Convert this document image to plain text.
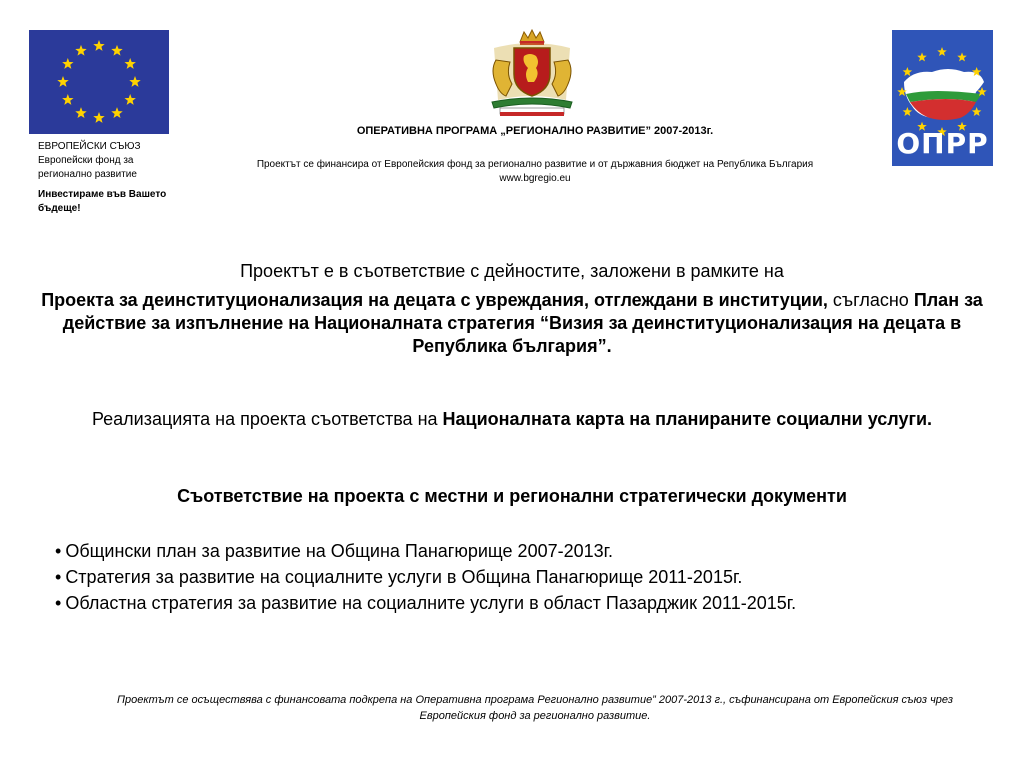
ОПРР
ЕВРОПЕЙСКИ СЪЮЗ
Европейски фонд за регионално развитие
Инвестираме във Вашето бъдеще!
ОПЕРАТИВНА ПРОГРАМА „РЕГИОНАЛНО РАЗВИТИЕ” 2007-2013г.
Проектът се финансира от Европейския фонд за регионално развитие и от държавния бюджет на Република България
www.bgregio.eu
Проектът е в съответствие с дейностите, заложени в рамките на
Проекта за деинституционализация на децата с увреждания, отглеждани в институции, съгласно План за действие за изпълнение на Националната стратегия “Визия за деинституционализация на децата в Република българия”.
Реализацията на проекта съответства на Националната карта на планираните социални услуги.
Съответствие на проекта с местни и регионални стратегически документи
• Общински план за развитие на Община Панагюрище 2007-2013г.
• Стратегия за развитие на социалните услуги в Община Панагюрище 2011-2015г.
• Областна стратегия за развитие на социалните услуги в област Пазарджик 2011-2015г.
Проектът се осъществява с финансовата подкрепа на Оперативна програма Регионално развитие” 2007-2013 г., съфинансирана от Европейския съюз чрез Европейския фонд за регионално развитие.
